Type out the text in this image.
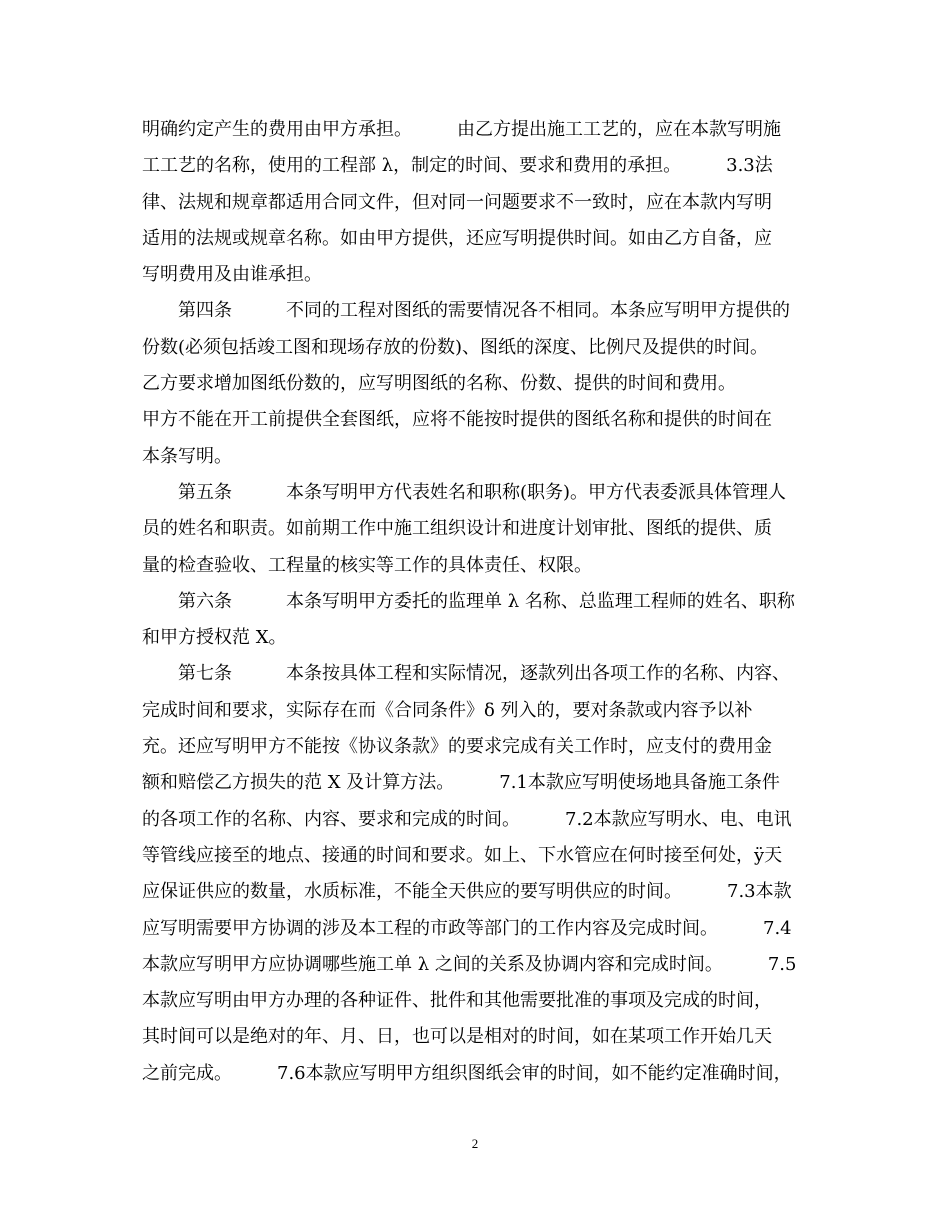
明确约定产生的费用由甲方承担。　　　由乙方提出施工工艺的，应在本款写明施
工工艺的名称，使用的工程部 λ，制定的时间、要求和费用的承担。　　　3.3法
律、法规和规章都适用合同文件，但对同一问题要求不一致时，应在本款内写明
适用的法规或规章名称。如由甲方提供，还应写明提供时间。如由乙方自备，应
写明费用及由谁承担。
　　第四条　　　不同的工程对图纸的需要情况各不相同。本条应写明甲方提供的
份数(必须包括竣工图和现场存放的份数)、图纸的深度、比例尺及提供的时间。
乙方要求增加图纸份数的，应写明图纸的名称、份数、提供的时间和费用。
甲方不能在开工前提供全套图纸，应将不能按时提供的图纸名称和提供的时间在
本条写明。
　　第五条　　　本条写明甲方代表姓名和职称(职务)。甲方代表委派具体管理人
员的姓名和职责。如前期工作中施工组织设计和进度计划审批、图纸的提供、质
量的检查验收、工程量的核实等工作的具体责任、权限。
　　第六条　　　本条写明甲方委托的监理单 λ 名称、总监理工程师的姓名、职称
和甲方授权范 X。
　　第七条　　　本条按具体工程和实际情况，逐款列出各项工作的名称、内容、
完成时间和要求，实际存在而《合同条件》δ 列入的，要对条款或内容予以补
充。还应写明甲方不能按《协议条款》的要求完成有关工作时，应支付的费用金
额和赔偿乙方损失的范 X 及计算方法。　　　7.1本款应写明使场地具备施工条件
的各项工作的名称、内容、要求和完成的时间。　　　7.2本款应写明水、电、电讯
等管线应接至的地点、接通的时间和要求。如上、下水管应在何时接至何处，ÿ天
应保证供应的数量，水质标准，不能全天供应的要写明供应的时间。　　　7.3本款
应写明需要甲方协调的涉及本工程的市政等部门的工作内容及完成时间。　　　7.4
本款应写明甲方应协调哪些施工单 λ 之间的关系及协调内容和完成时间。　　　7.5
本款应写明由甲方办理的各种证件、批件和其他需要批准的事项及完成的时间，
其时间可以是绝对的年、月、日，也可以是相对的时间，如在某项工作开始几天
之前完成。　　　7.6本款应写明甲方组织图纸会审的时间，如不能约定准确时间，
2
